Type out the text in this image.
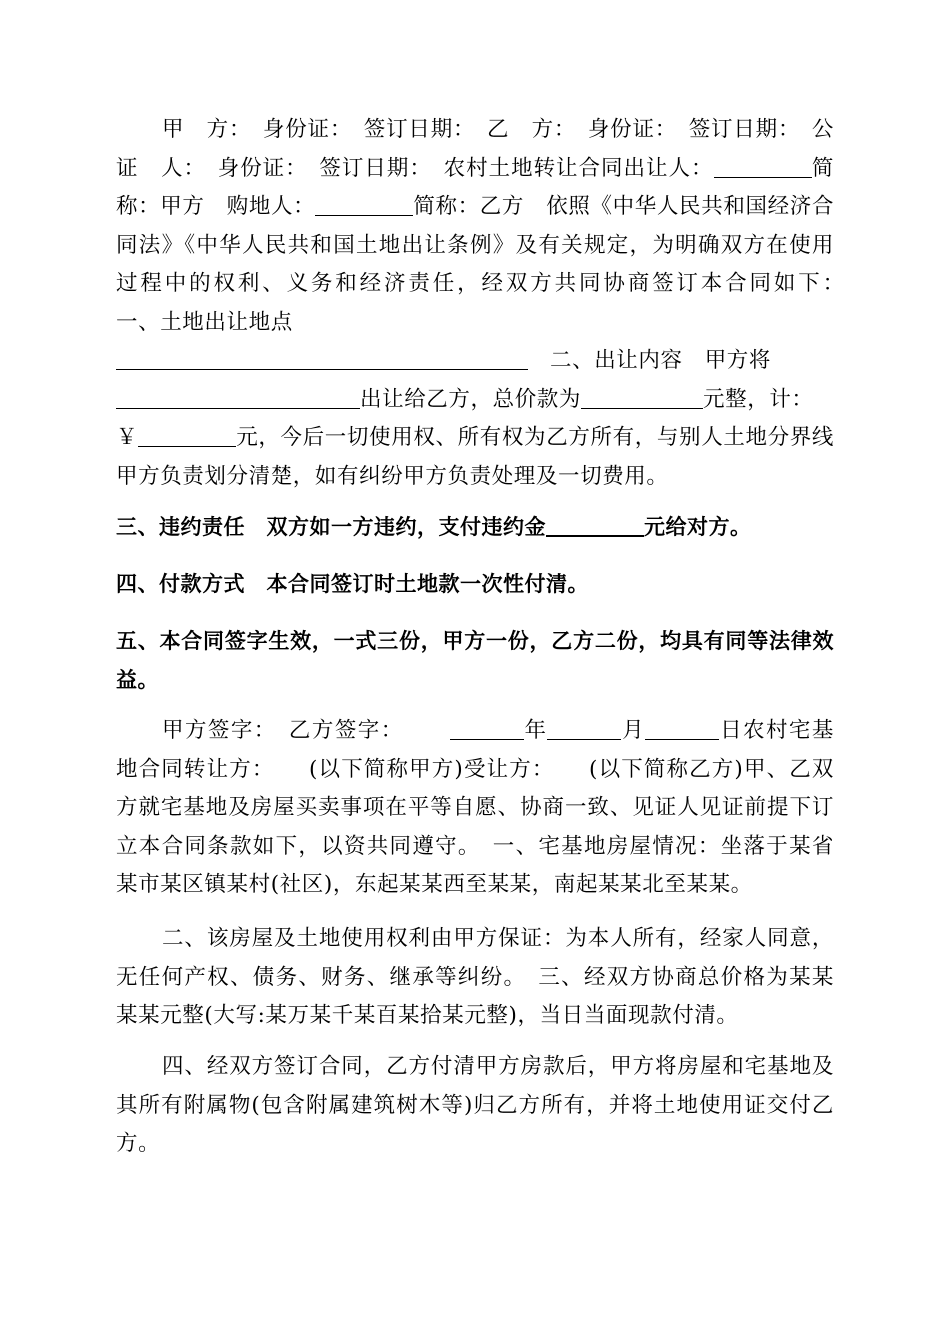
甲　方：　身份证：　签订日期：　乙　方：　身份证：　签订日期：　公　证　人：　身份证：　签订日期：　农村土地转让合同出让人：	简称：甲方　购地人：	简称：乙方　依照《中华人民共和国经济合同法》《中华人民共和国土地出让条例》及有关规定，为明确双方在使用过程中的权利、义务和经济责任，经双方共同协商签订本合同如下：　一、土地出让地点
二、出让内容　甲方将
出让给乙方，总价款为	元整，计：
￥	元，今后一切使用权、所有权为乙方所有，与别人土地分界线甲方负责划分清楚，如有纠纷甲方负责处理及一切费用。

三、违约责任　双方如一方违约，支付违约金	元给对方。

四、付款方式　本合同签订时土地款一次性付清。

五、本合同签字生效，一式三份，甲方一份，乙方二份，均具有同等法律效益。

甲方签字：　乙方签字：	年	月	日农村宅基地合同转让方：　　(以下简称甲方)受让方：　　(以下简称乙方)甲、乙双方就宅基地及房屋买卖事项在平等自愿、协商一致、见证人见证前提下订立本合同条款如下，以资共同遵守。　一、宅基地房屋情况：坐落于某省某市某区镇某村(社区)，东起某某西至某某，南起某某北至某某。

二、该房屋及土地使用权利由甲方保证：为本人所有，经家人同意，无任何产权、债务、财务、继承等纠纷。　三、经双方协商总价格为某某某某元整(大写:某万某千某百某拾某元整)，当日当面现款付清。

四、经双方签订合同，乙方付清甲方房款后，甲方将房屋和宅基地及其所有附属物(包含附属建筑树木等)归乙方所有，并将土地使用证交付乙方。
